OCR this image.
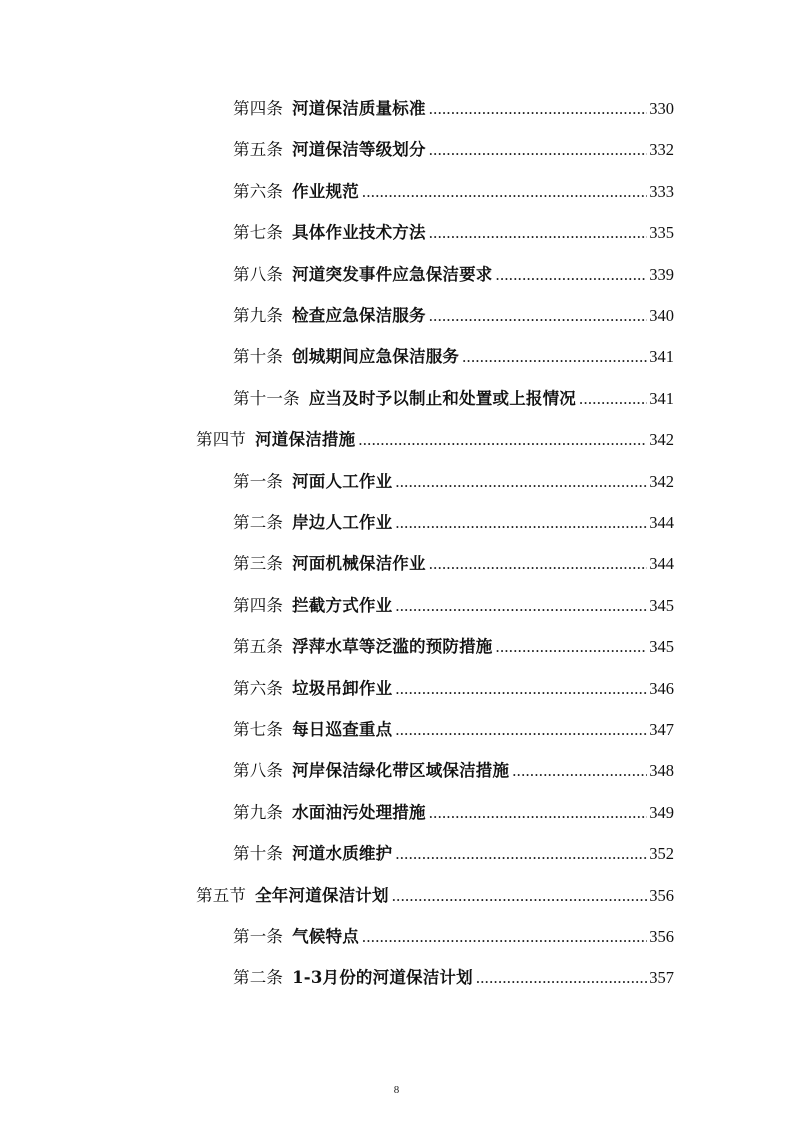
第四条 河道保洁质量标准 .....	330
第五条 河道保洁等级划分 .....	332
第六条 作业规范 .....	333
第七条 具体作业技术方法 .....	335
第八条 河道突发事件应急保洁要求 .....	339
第九条 检查应急保洁服务 .....	340
第十条 创城期间应急保洁服务 .....	341
第十一条 应当及时予以制止和处置或上报情况 .....	341
第四节 河道保洁措施 .....	342
第一条 河面人工作业 .....	342
第二条 岸边人工作业 .....	344
第三条 河面机械保洁作业 .....	344
第四条 拦截方式作业 .....	345
第五条 浮萍水草等泛滥的预防措施 .....	345
第六条 垃圾吊卸作业 .....	346
第七条 每日巡查重点 .....	347
第八条 河岸保洁绿化带区域保洁措施 .....	348
第九条 水面油污处理措施 .....	349
第十条 河道水质维护 .....	352
第五节 全年河道保洁计划 .....	356
第一条 气候特点 .....	356
第二条 1-3月份的河道保洁计划 .....	357
8
